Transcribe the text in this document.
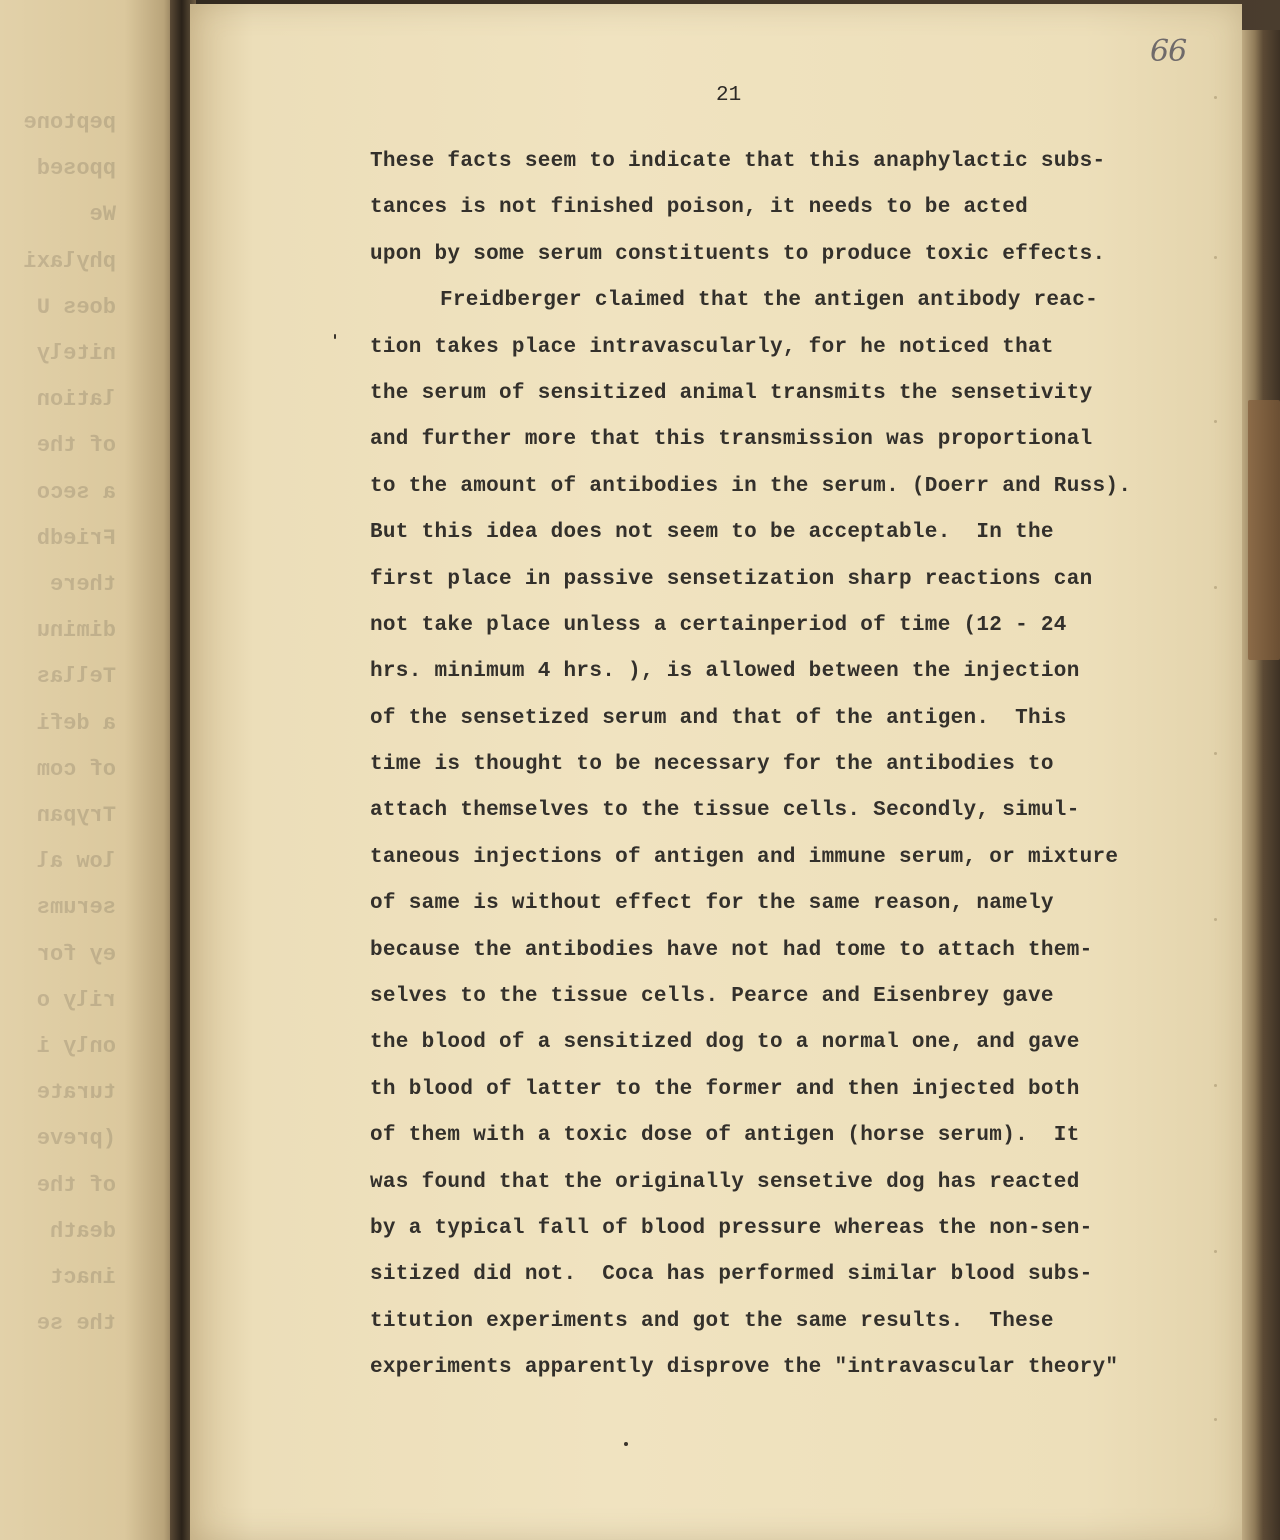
peptone
pposed
We
phylaxi
does U
nitely
lation
of the
a seco
Friedb
there
diminu
Tellas
a defi
of com
Trypan
low al
serums
ey for
rily o
only i
turate
(preve
of the
death
inact
the se
66
21
These facts seem to indicate that this anaphylactic subs-
tances is not finished poison, it needs to be acted
upon by some serum constituents to produce toxic effects.
Freidberger claimed that the antigen antibody reac-
tion takes place intravascularly, for he noticed that
the serum of sensitized animal transmits the sensetivity
and further more that this transmission was proportional
to the amount of antibodies in the serum. (Doerr and Russ).
But this idea does not seem to be acceptable.  In the
first place in passive sensetization sharp reactions can
not take place unless a certainperiod of time (12 - 24
hrs. minimum 4 hrs. ), is allowed between the injection
of the sensetized serum and that of the antigen.  This
time is thought to be necessary for the antibodies to
attach themselves to the tissue cells. Secondly, simul-
taneous injections of antigen and immune serum, or mixture
of same is without effect for the same reason, namely
because the antibodies have not had tome to attach them-
selves to the tissue cells. Pearce and Eisenbrey gave
the blood of a sensitized dog to a normal one, and gave
th blood of latter to the former and then injected both
of them with a toxic dose of antigen (horse serum).  It
was found that the originally sensetive dog has reacted
by a typical fall of blood pressure whereas the non-sen-
sitized did not.  Coca has performed similar blood subs-
titution experiments and got the same results.  These
experiments apparently disprove the "intravascular theory"
